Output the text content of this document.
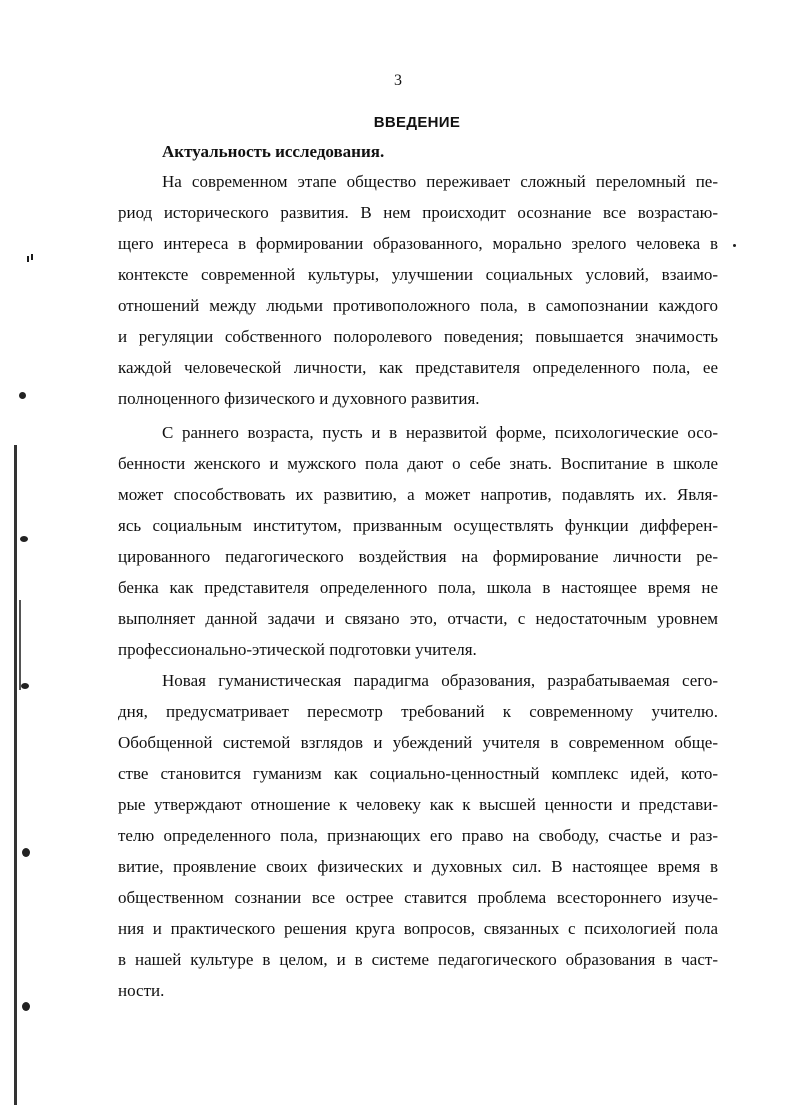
3
ВВЕДЕНИЕ
Актуальность исследования.
На современном этапе общество переживает сложный переломный пе-
риод исторического развития. В нем происходит осознание все возрастаю-
щего интереса в формировании образованного, морально зрелого человека в
контексте современной культуры, улучшении социальных условий, взаимо-
отношений между людьми противоположного пола, в самопознании каждого
и регуляции собственного полоролевого поведения; повышается значимость
каждой человеческой личности, как представителя определенного пола, ее
полноценного физического и духовного развития.
С раннего возраста, пусть и в неразвитой форме, психологические осо-
бенности женского и мужского пола дают о себе знать. Воспитание в школе
может способствовать их развитию, а может напротив, подавлять их. Явля-
ясь социальным институтом, призванным осуществлять функции дифферен-
цированного педагогического воздействия на формирование личности ре-
бенка как представителя определенного пола, школа в настоящее время не
выполняет данной задачи и связано это, отчасти, с недостаточным уровнем
профессионально-этической подготовки учителя.
Новая гуманистическая парадигма образования, разрабатываемая сего-
дня, предусматривает пересмотр требований к современному учителю.
Обобщенной системой взглядов и убеждений учителя в современном обще-
стве становится гуманизм как социально-ценностный комплекс идей, кото-
рые утверждают отношение к человеку как к высшей ценности и представи-
телю определенного пола, признающих его право на свободу, счастье и раз-
витие, проявление своих физических и духовных сил. В настоящее время в
общественном сознании все острее ставится проблема всестороннего изуче-
ния и практического решения круга вопросов, связанных с психологией пола
в нашей культуре в целом, и в системе педагогического образования в част-
ности.
